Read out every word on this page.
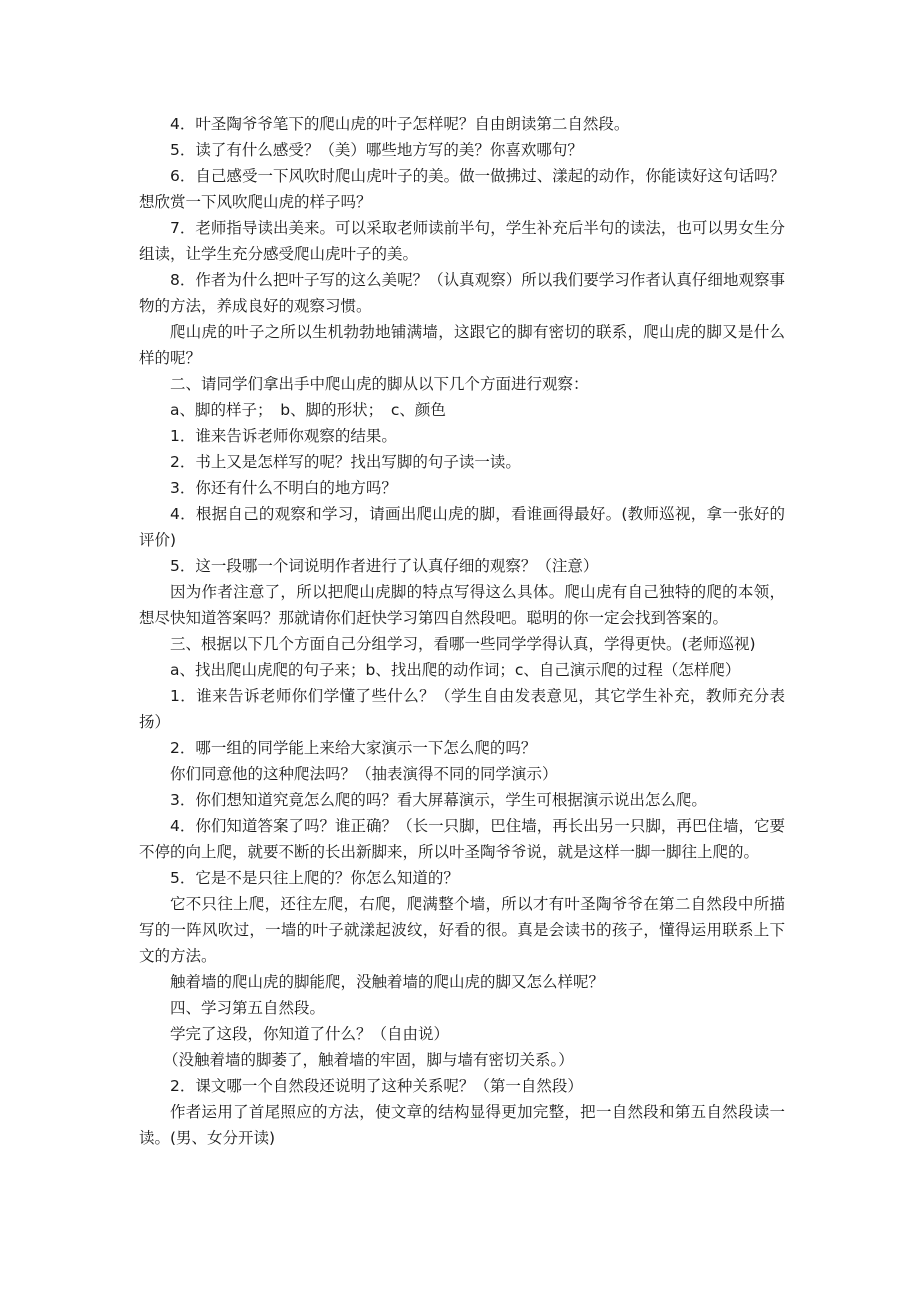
4．叶圣陶爷爷笔下的爬山虎的叶子怎样呢？自由朗读第二自然段。

5．读了有什么感受？（美）哪些地方写的美？你喜欢哪句？

6．自己感受一下风吹时爬山虎叶子的美。做一做拂过、漾起的动作，你能读好这句话吗？想欣赏一下风吹爬山虎的样子吗？

7．老师指导读出美来。可以采取老师读前半句，学生补充后半句的读法，也可以男女生分组读，让学生充分感受爬山虎叶子的美。

8．作者为什么把叶子写的这么美呢？（认真观察）所以我们要学习作者认真仔细地观察事物的方法，养成良好的观察习惯。

爬山虎的叶子之所以生机勃勃地铺满墙，这跟它的脚有密切的联系，爬山虎的脚又是什么样的呢？

二、请同学们拿出手中爬山虎的脚从以下几个方面进行观察：

a、脚的样子；　b、脚的形状；　c、颜色

1．谁来告诉老师你观察的结果。

2．书上又是怎样写的呢？找出写脚的句子读一读。

3．你还有什么不明白的地方吗？

4．根据自己的观察和学习，请画出爬山虎的脚，看谁画得最好。(教师巡视，拿一张好的评价)

5．这一段哪一个词说明作者进行了认真仔细的观察？（注意）

因为作者注意了，所以把爬山虎脚的特点写得这么具体。爬山虎有自己独特的爬的本领，想尽快知道答案吗？那就请你们赶快学习第四自然段吧。聪明的你一定会找到答案的。

三、根据以下几个方面自己分组学习，看哪一些同学学得认真，学得更快。(老师巡视)

a、找出爬山虎爬的句子来；b、找出爬的动作词；c、自己演示爬的过程（怎样爬）

1．谁来告诉老师你们学懂了些什么？（学生自由发表意见，其它学生补充，教师充分表扬）

2．哪一组的同学能上来给大家演示一下怎么爬的吗？

你们同意他的这种爬法吗？（抽表演得不同的同学演示）

3．你们想知道究竟怎么爬的吗？看大屏幕演示，学生可根据演示说出怎么爬。

4．你们知道答案了吗？谁正确？（长一只脚，巴住墙，再长出另一只脚，再巴住墙，它要不停的向上爬，就要不断的长出新脚来，所以叶圣陶爷爷说，就是这样一脚一脚往上爬的。

5．它是不是只往上爬的？你怎么知道的？

它不只往上爬，还往左爬，右爬，爬满整个墙，所以才有叶圣陶爷爷在第二自然段中所描写的一阵风吹过，一墙的叶子就漾起波纹，好看的很。真是会读书的孩子，懂得运用联系上下文的方法。

触着墙的爬山虎的脚能爬，没触着墙的爬山虎的脚又怎么样呢？

四、学习第五自然段。

学完了这段，你知道了什么？（自由说）

（没触着墙的脚萎了，触着墙的牢固，脚与墙有密切关系。）

2．课文哪一个自然段还说明了这种关系呢？（第一自然段）

作者运用了首尾照应的方法，使文章的结构显得更加完整，把一自然段和第五自然段读一读。(男、女分开读)
